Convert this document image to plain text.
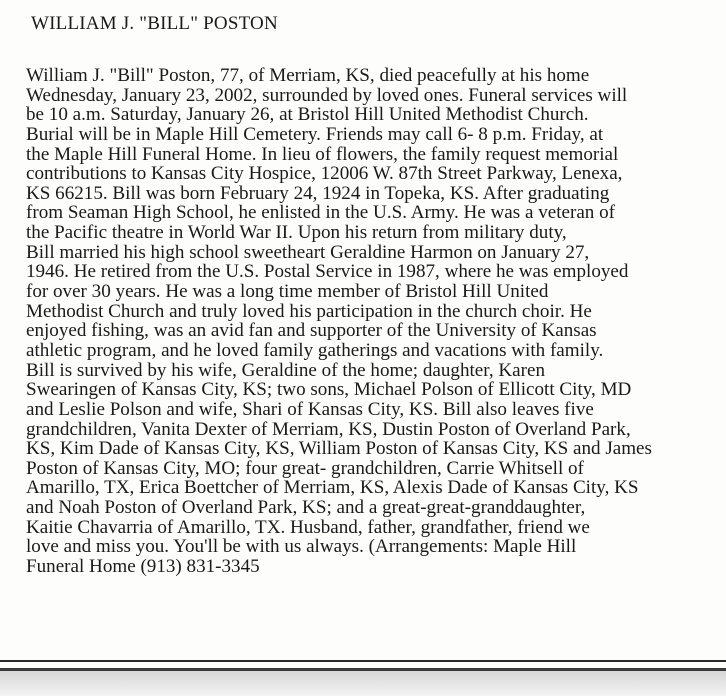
WILLIAM J. "BILL" POSTON

William J. "Bill" Poston, 77, of Merriam, KS, died peacefully at his home
Wednesday, January 23, 2002, surrounded by loved ones. Funeral services will
be 10 a.m. Saturday, January 26, at Bristol Hill United Methodist Church.
Burial will be in Maple Hill Cemetery. Friends may call 6- 8 p.m. Friday, at
the Maple Hill Funeral Home. In lieu of flowers, the family request memorial
contributions to Kansas City Hospice, 12006 W. 87th Street Parkway, Lenexa,
KS 66215. Bill was born February 24, 1924 in Topeka, KS. After graduating
from Seaman High School, he enlisted in the U.S. Army. He was a veteran of
the Pacific theatre in World War II. Upon his return from military duty,
Bill married his high school sweetheart Geraldine Harmon on January 27,
1946. He retired from the U.S. Postal Service in 1987, where he was employed
for over 30 years. He was a long time member of Bristol Hill United
Methodist Church and truly loved his participation in the church choir. He
enjoyed fishing, was an avid fan and supporter of the University of Kansas
athletic program, and he loved family gatherings and vacations with family.
Bill is survived by his wife, Geraldine of the home; daughter, Karen
Swearingen of Kansas City, KS; two sons, Michael Polson of Ellicott City, MD
and Leslie Polson and wife, Shari of Kansas City, KS. Bill also leaves five
grandchildren, Vanita Dexter of Merriam, KS, Dustin Poston of Overland Park,
KS, Kim Dade of Kansas City, KS, William Poston of Kansas City, KS and James
Poston of Kansas City, MO; four great- grandchildren, Carrie Whitsell of
Amarillo, TX, Erica Boettcher of Merriam, KS, Alexis Dade of Kansas City, KS
and Noah Poston of Overland Park, KS; and a great-great-granddaughter,
Kaitie Chavarria of Amarillo, TX. Husband, father, grandfather, friend we
love and miss you. You'll be with us always. (Arrangements: Maple Hill
Funeral Home (913) 831-3345
